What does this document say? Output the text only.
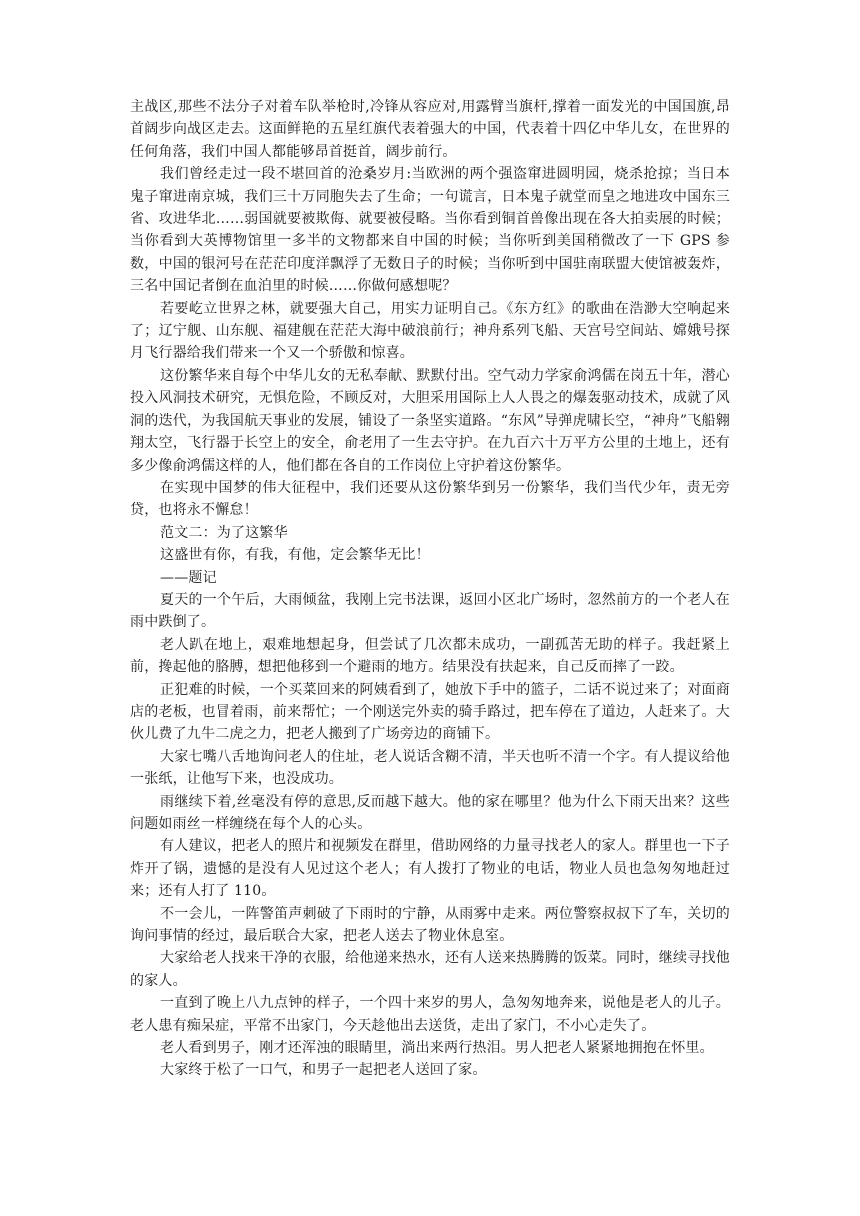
主战区,那些不法分子对着车队举枪时,冷锋从容应对,用露臂当旗杆,撑着一面发光的中国国旗,昂首阔步向战区走去。这面鲜艳的五星红旗代表着强大的中国，代表着十四亿中华儿女，在世界的任何角落，我们中国人都能够昂首挺首，阔步前行。

我们曾经走过一段不堪回首的沧桑岁月:当欧洲的两个强盗窜进圆明园，烧杀抢掠；当日本鬼子窜进南京城，我们三十万同胞失去了生命；一句谎言，日本鬼子就堂而皇之地进攻中国东三省、攻进华北……弱国就要被欺侮、就要被侵略。当你看到铜首兽像出现在各大拍卖展的时候；当你看到大英博物馆里一多半的文物都来自中国的时候；当你听到美国稍微改了一下 GPS 参数，中国的银河号在茫茫印度洋飘浮了无数日子的时候；当你听到中国驻南联盟大使馆被轰炸，三名中国记者倒在血泊里的时候……你做何感想呢？

若要屹立世界之林，就要强大自己，用实力证明自己。《东方红》的歌曲在浩渺大空响起来了；辽宁舰、山东舰、福建舰在茫茫大海中破浪前行；神舟系列飞船、天宫号空间站、嫦娥号探月飞行器给我们带来一个又一个骄傲和惊喜。

这份繁华来自每个中华儿女的无私奉献、默默付出。空气动力学家俞鸿儒在岗五十年，潜心投入风洞技术研究，无惧危险，不顾反对，大胆采用国际上人人畏之的爆轰驱动技术，成就了风洞的迭代，为我国航天事业的发展，铺设了一条坚实道路。“东风”导弹虎啸长空，“神舟”飞船翱翔太空，飞行器于长空上的安全，俞老用了一生去守护。在九百六十万平方公里的土地上，还有多少像俞鸿儒这样的人，他们都在各自的工作岗位上守护着这份繁华。

在实现中国梦的伟大征程中，我们还要从这份繁华到另一份繁华，我们当代少年，责无旁贷，也将永不懈怠！

范文二：为了这繁华

这盛世有你，有我，有他，定会繁华无比！

——题记

夏天的一个午后，大雨倾盆，我刚上完书法课，返回小区北广场时，忽然前方的一个老人在雨中跌倒了。

老人趴在地上，艰难地想起身，但尝试了几次都未成功，一副孤苦无助的样子。我赶紧上前，搀起他的胳膊，想把他移到一个避雨的地方。结果没有扶起来，自己反而摔了一跤。

正犯难的时候，一个买菜回来的阿姨看到了，她放下手中的篮子，二话不说过来了；对面商店的老板，也冒着雨，前来帮忙；一个刚送完外卖的骑手路过，把车停在了道边，人赶来了。大伙儿费了九牛二虎之力，把老人搬到了广场旁边的商铺下。

大家七嘴八舌地询问老人的住址，老人说话含糊不清，半天也听不清一个字。有人提议给他一张纸，让他写下来，也没成功。

雨继续下着,丝毫没有停的意思,反而越下越大。他的家在哪里？他为什么下雨天出来？这些问题如雨丝一样缠绕在每个人的心头。

有人建议，把老人的照片和视频发在群里，借助网络的力量寻找老人的家人。群里也一下子炸开了锅，遗憾的是没有人见过这个老人；有人拨打了物业的电话，物业人员也急匆匆地赶过来；还有人打了 110。

不一会儿，一阵警笛声刺破了下雨时的宁静，从雨雾中走来。两位警察叔叔下了车，关切的询问事情的经过，最后联合大家，把老人送去了物业休息室。

大家给老人找来干净的衣服，给他递来热水，还有人送来热腾腾的饭菜。同时，继续寻找他的家人。

一直到了晚上八九点钟的样子，一个四十来岁的男人，急匆匆地奔来，说他是老人的儿子。老人患有痴呆症，平常不出家门，今天趁他出去送货，走出了家门，不小心走失了。

老人看到男子，刚才还浑浊的眼睛里，淌出来两行热泪。男人把老人紧紧地拥抱在怀里。

大家终于松了一口气，和男子一起把老人送回了家。
